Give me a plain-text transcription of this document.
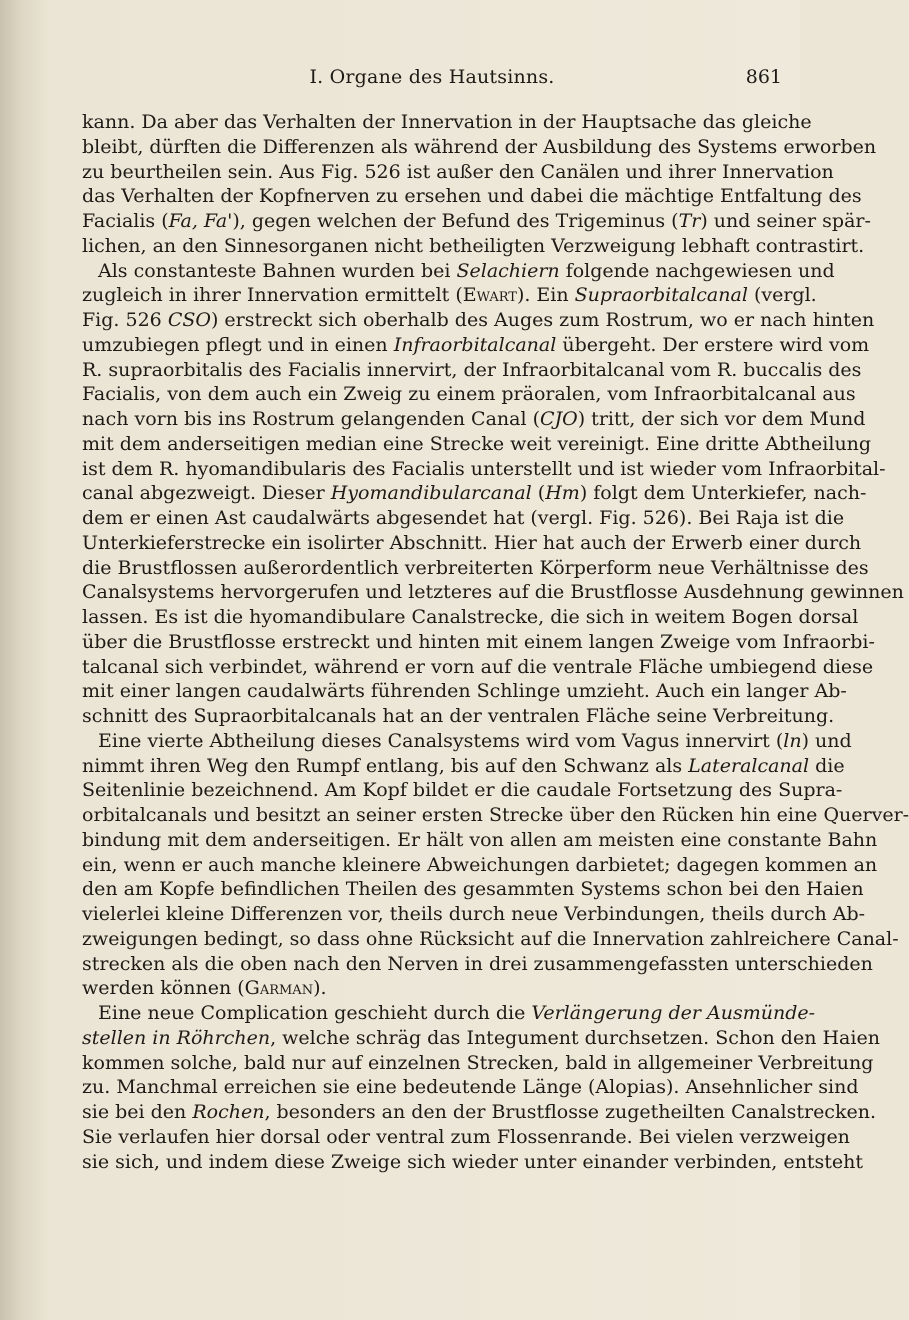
I. Organe des Hautsinns.	861
kann. Da aber das Verhalten der Innervation in der Hauptsache das gleiche
bleibt, dürften die Differenzen als während der Ausbildung des Systems erworben
zu beurtheilen sein. Aus Fig. 526 ist außer den Canälen und ihrer Innervation
das Verhalten der Kopfnerven zu ersehen und dabei die mächtige Entfaltung des
Facialis (Fa, Fa'), gegen welchen der Befund des Trigeminus (Tr) und seiner spär-
lichen, an den Sinnesorganen nicht betheiligten Verzweigung lebhaft contrastirt.
Als constanteste Bahnen wurden bei Selachiern folgende nachgewiesen und
zugleich in ihrer Innervation ermittelt (Ewart). Ein Supraorbitalcanal (vergl.
Fig. 526 CSO) erstreckt sich oberhalb des Auges zum Rostrum, wo er nach hinten
umzubiegen pflegt und in einen Infraorbitalcanal übergeht. Der erstere wird vom
R. supraorbitalis des Facialis innervirt, der Infraorbitalcanal vom R. buccalis des
Facialis, von dem auch ein Zweig zu einem präoralen, vom Infraorbitalcanal aus
nach vorn bis ins Rostrum gelangenden Canal (CJO) tritt, der sich vor dem Mund
mit dem anderseitigen median eine Strecke weit vereinigt. Eine dritte Abtheilung
ist dem R. hyomandibularis des Facialis unterstellt und ist wieder vom Infraorbital-
canal abgezweigt. Dieser Hyomandibularcanal (Hm) folgt dem Unterkiefer, nach-
dem er einen Ast caudalwärts abgesendet hat (vergl. Fig. 526). Bei Raja ist die
Unterkieferstrecke ein isolirter Abschnitt. Hier hat auch der Erwerb einer durch
die Brustflossen außerordentlich verbreiterten Körperform neue Verhältnisse des
Canalsystems hervorgerufen und letzteres auf die Brustflosse Ausdehnung gewinnen
lassen. Es ist die hyomandibulare Canalstrecke, die sich in weitem Bogen dorsal
über die Brustflosse erstreckt und hinten mit einem langen Zweige vom Infraorbi-
talcanal sich verbindet, während er vorn auf die ventrale Fläche umbiegend diese
mit einer langen caudalwärts führenden Schlinge umzieht. Auch ein langer Ab-
schnitt des Supraorbitalcanals hat an der ventralen Fläche seine Verbreitung.
Eine vierte Abtheilung dieses Canalsystems wird vom Vagus innervirt (ln) und
nimmt ihren Weg den Rumpf entlang, bis auf den Schwanz als Lateralcanal die
Seitenlinie bezeichnend. Am Kopf bildet er die caudale Fortsetzung des Supra-
orbitalcanals und besitzt an seiner ersten Strecke über den Rücken hin eine Querver-
bindung mit dem anderseitigen. Er hält von allen am meisten eine constante Bahn
ein, wenn er auch manche kleinere Abweichungen darbietet; dagegen kommen an
den am Kopfe befindlichen Theilen des gesammten Systems schon bei den Haien
vielerlei kleine Differenzen vor, theils durch neue Verbindungen, theils durch Ab-
zweigungen bedingt, so dass ohne Rücksicht auf die Innervation zahlreichere Canal-
strecken als die oben nach den Nerven in drei zusammengefassten unterschieden
werden können (Garman).
Eine neue Complication geschieht durch die Verlängerung der Ausmünde-
stellen in Röhrchen, welche schräg das Integument durchsetzen. Schon den Haien
kommen solche, bald nur auf einzelnen Strecken, bald in allgemeiner Verbreitung
zu. Manchmal erreichen sie eine bedeutende Länge (Alopias). Ansehnlicher sind
sie bei den Rochen, besonders an den der Brustflosse zugetheilten Canalstrecken.
Sie verlaufen hier dorsal oder ventral zum Flossenrande. Bei vielen verzweigen
sie sich, und indem diese Zweige sich wieder unter einander verbinden, entsteht
